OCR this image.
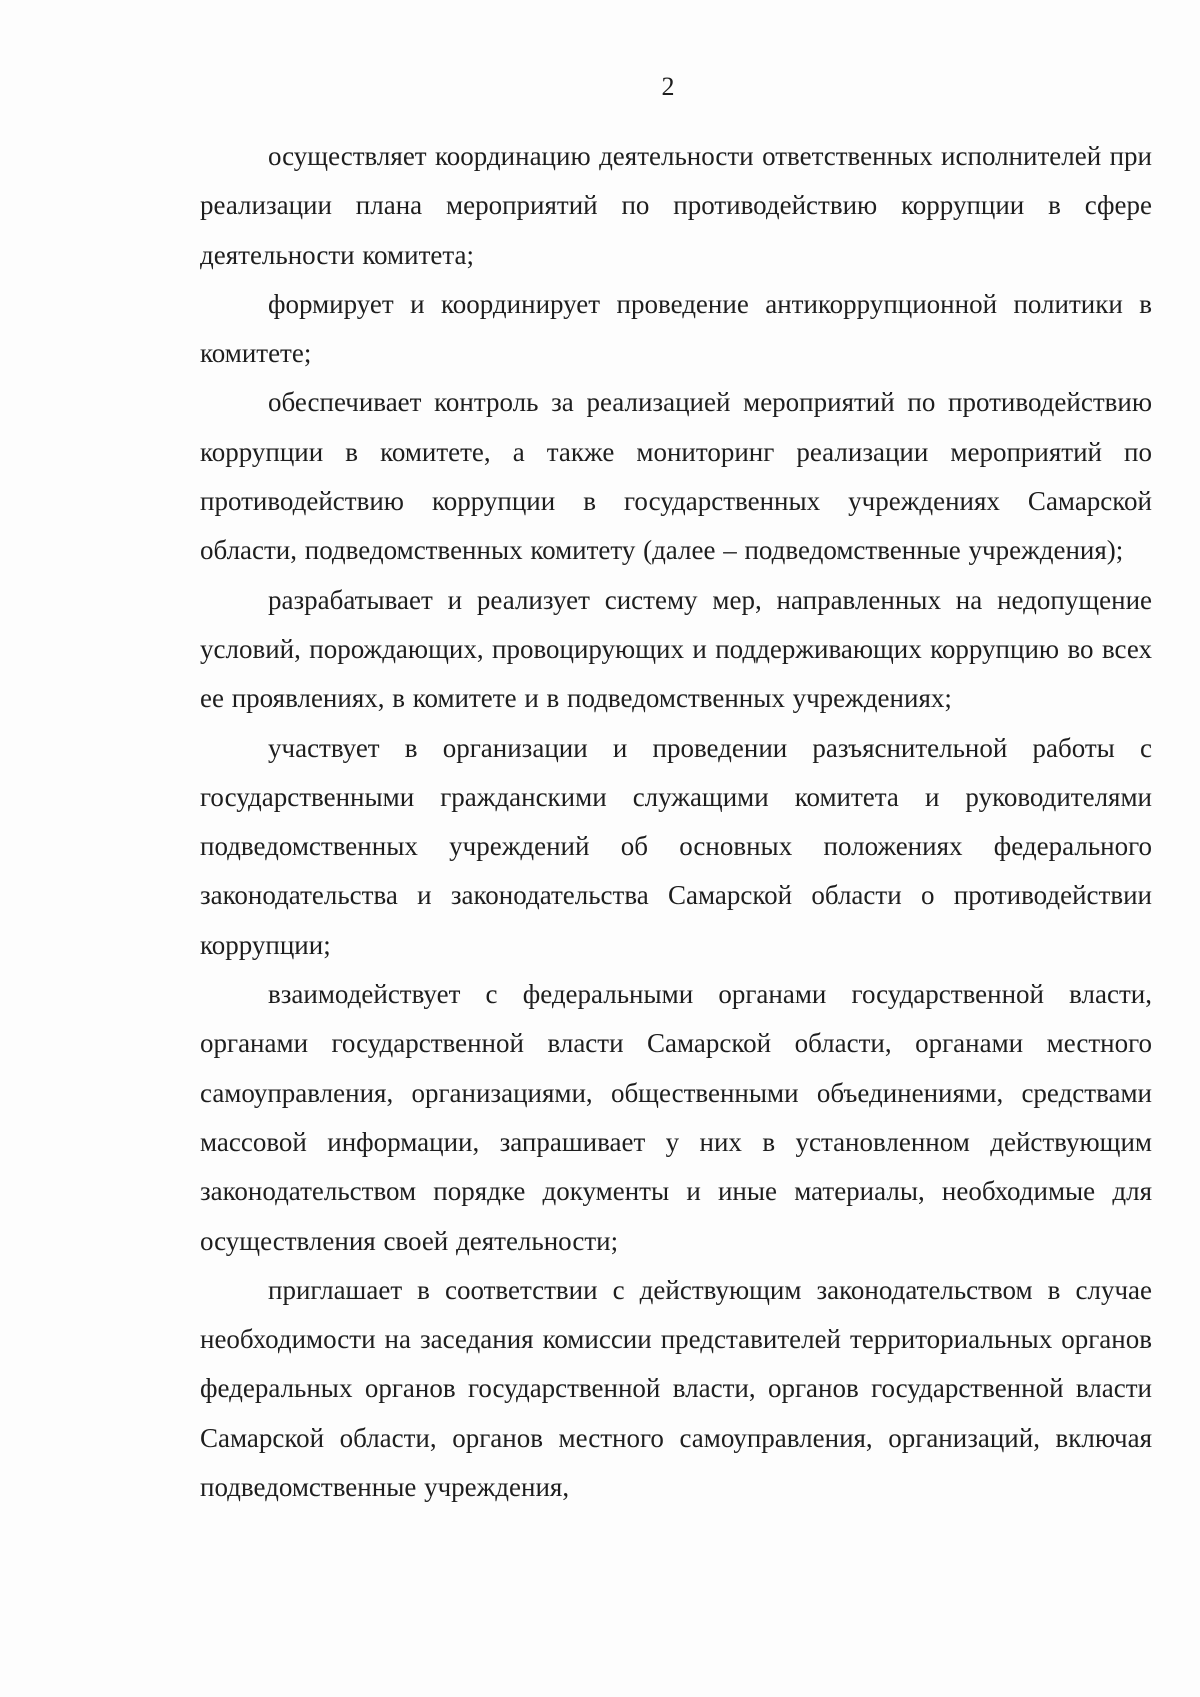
2

осуществляет координацию деятельности ответственных исполнителей при реализации плана мероприятий по противодействию коррупции в сфере деятельности комитета;

формирует и координирует проведение антикоррупционной политики в комитете;

обеспечивает контроль за реализацией мероприятий по противодействию коррупции в комитете, а также мониторинг реализации мероприятий по противодействию коррупции в государственных учреждениях Самарской области, подведомственных комитету (далее – подведомственные учреждения);

разрабатывает и реализует систему мер, направленных на недопущение условий, порождающих, провоцирующих и поддерживающих коррупцию во всех ее проявлениях, в комитете и в подведомственных учреждениях;

участвует в организации и проведении разъяснительной работы с государственными гражданскими служащими комитета и руководителями подведомственных учреждений об основных положениях федерального законодательства и законодательства Самарской области о противодействии коррупции;

взаимодействует с федеральными органами государственной власти, органами государственной власти Самарской области, органами местного самоуправления, организациями, общественными объединениями, средствами массовой информации, запрашивает у них в установленном действующим законодательством порядке документы и иные материалы, необходимые для осуществления своей деятельности;

приглашает в соответствии с действующим законодательством в случае необходимости на заседания комиссии представителей территориальных органов федеральных органов государственной власти, органов государственной власти Самарской области, органов местного самоуправления, организаций, включая подведомственные учреждения,
